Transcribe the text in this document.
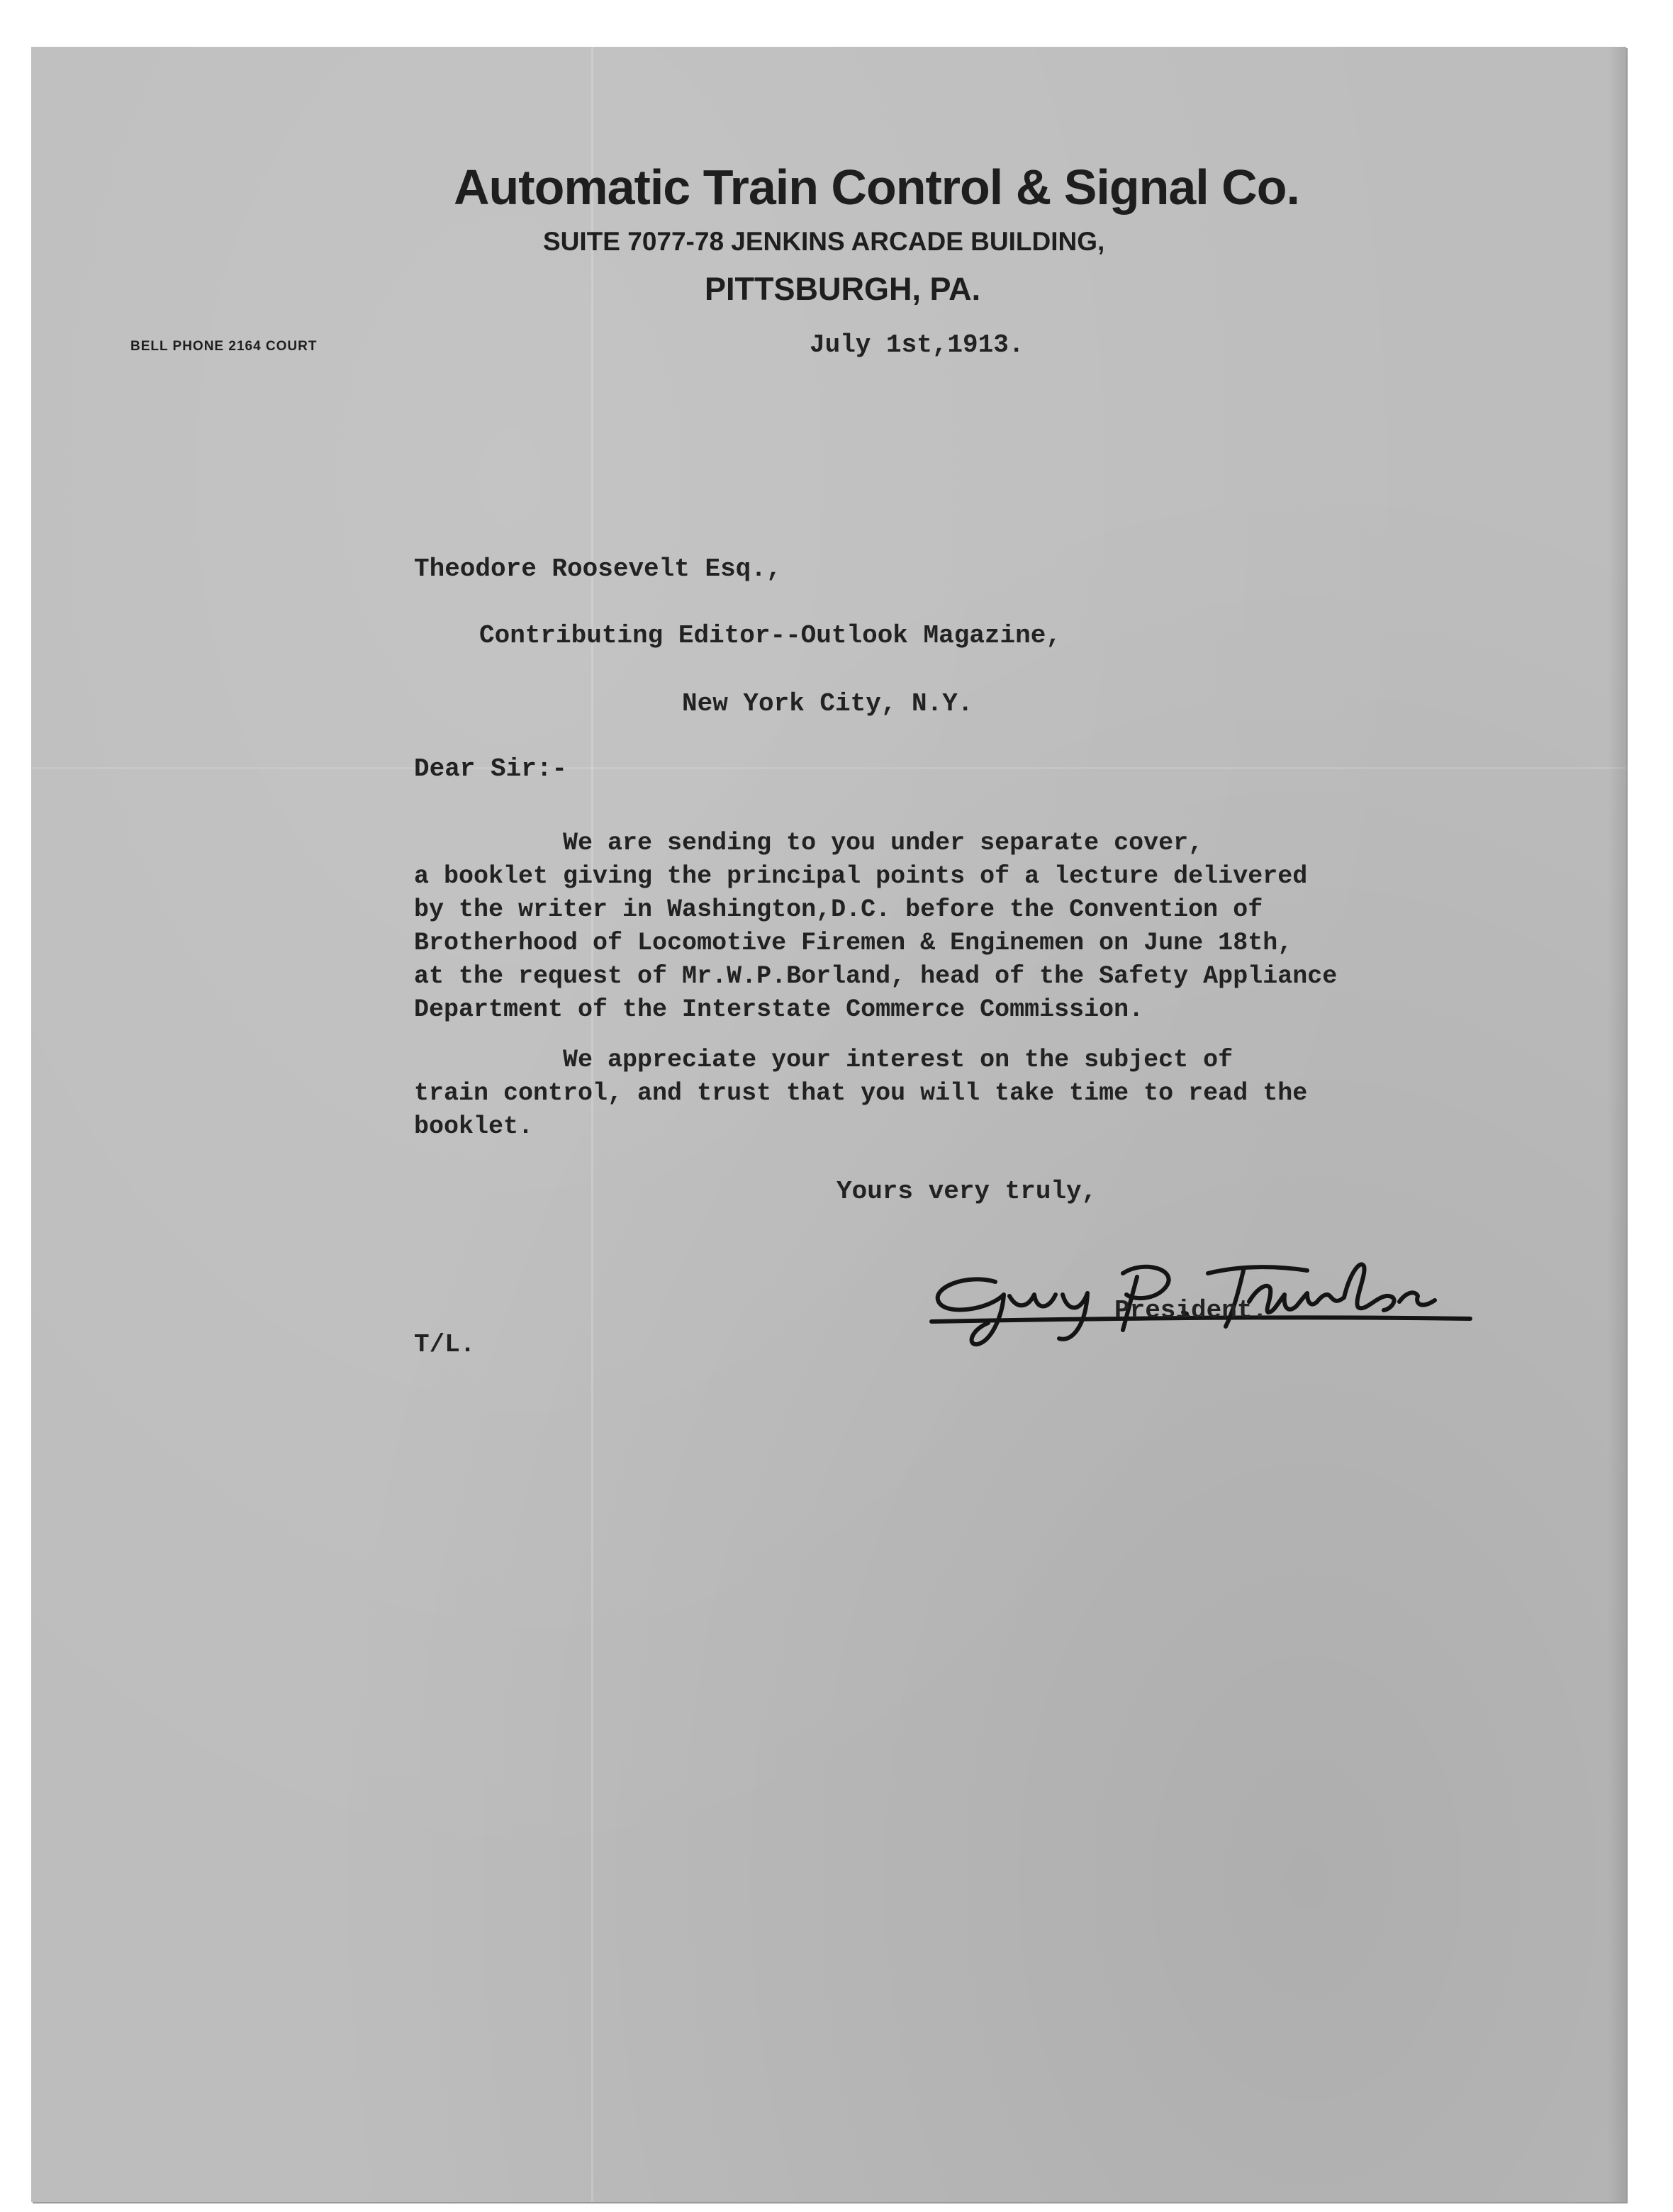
Automatic Train Control & Signal Co.
SUITE 7077-78 JENKINS ARCADE BUILDING,
PITTSBURGH, PA.
BELL PHONE 2164 COURT	July 1st,1913.
Theodore Roosevelt Esq.,
Contributing Editor--Outlook Magazine,
New York City, N.Y.
Dear Sir:-
We are sending to you under separate cover,
a booklet giving the principal points of a lecture delivered
by the writer in Washington,D.C. before the Convention of
Brotherhood of Locomotive Firemen & Enginemen on June 18th,
at the request of Mr.W.P.Borland, head of the Safety Appliance
Department of the Interstate Commerce Commission.
We appreciate your interest on the subject of
train control, and trust that you will take time to read the
booklet.
Yours very truly,
President.
T/L.
